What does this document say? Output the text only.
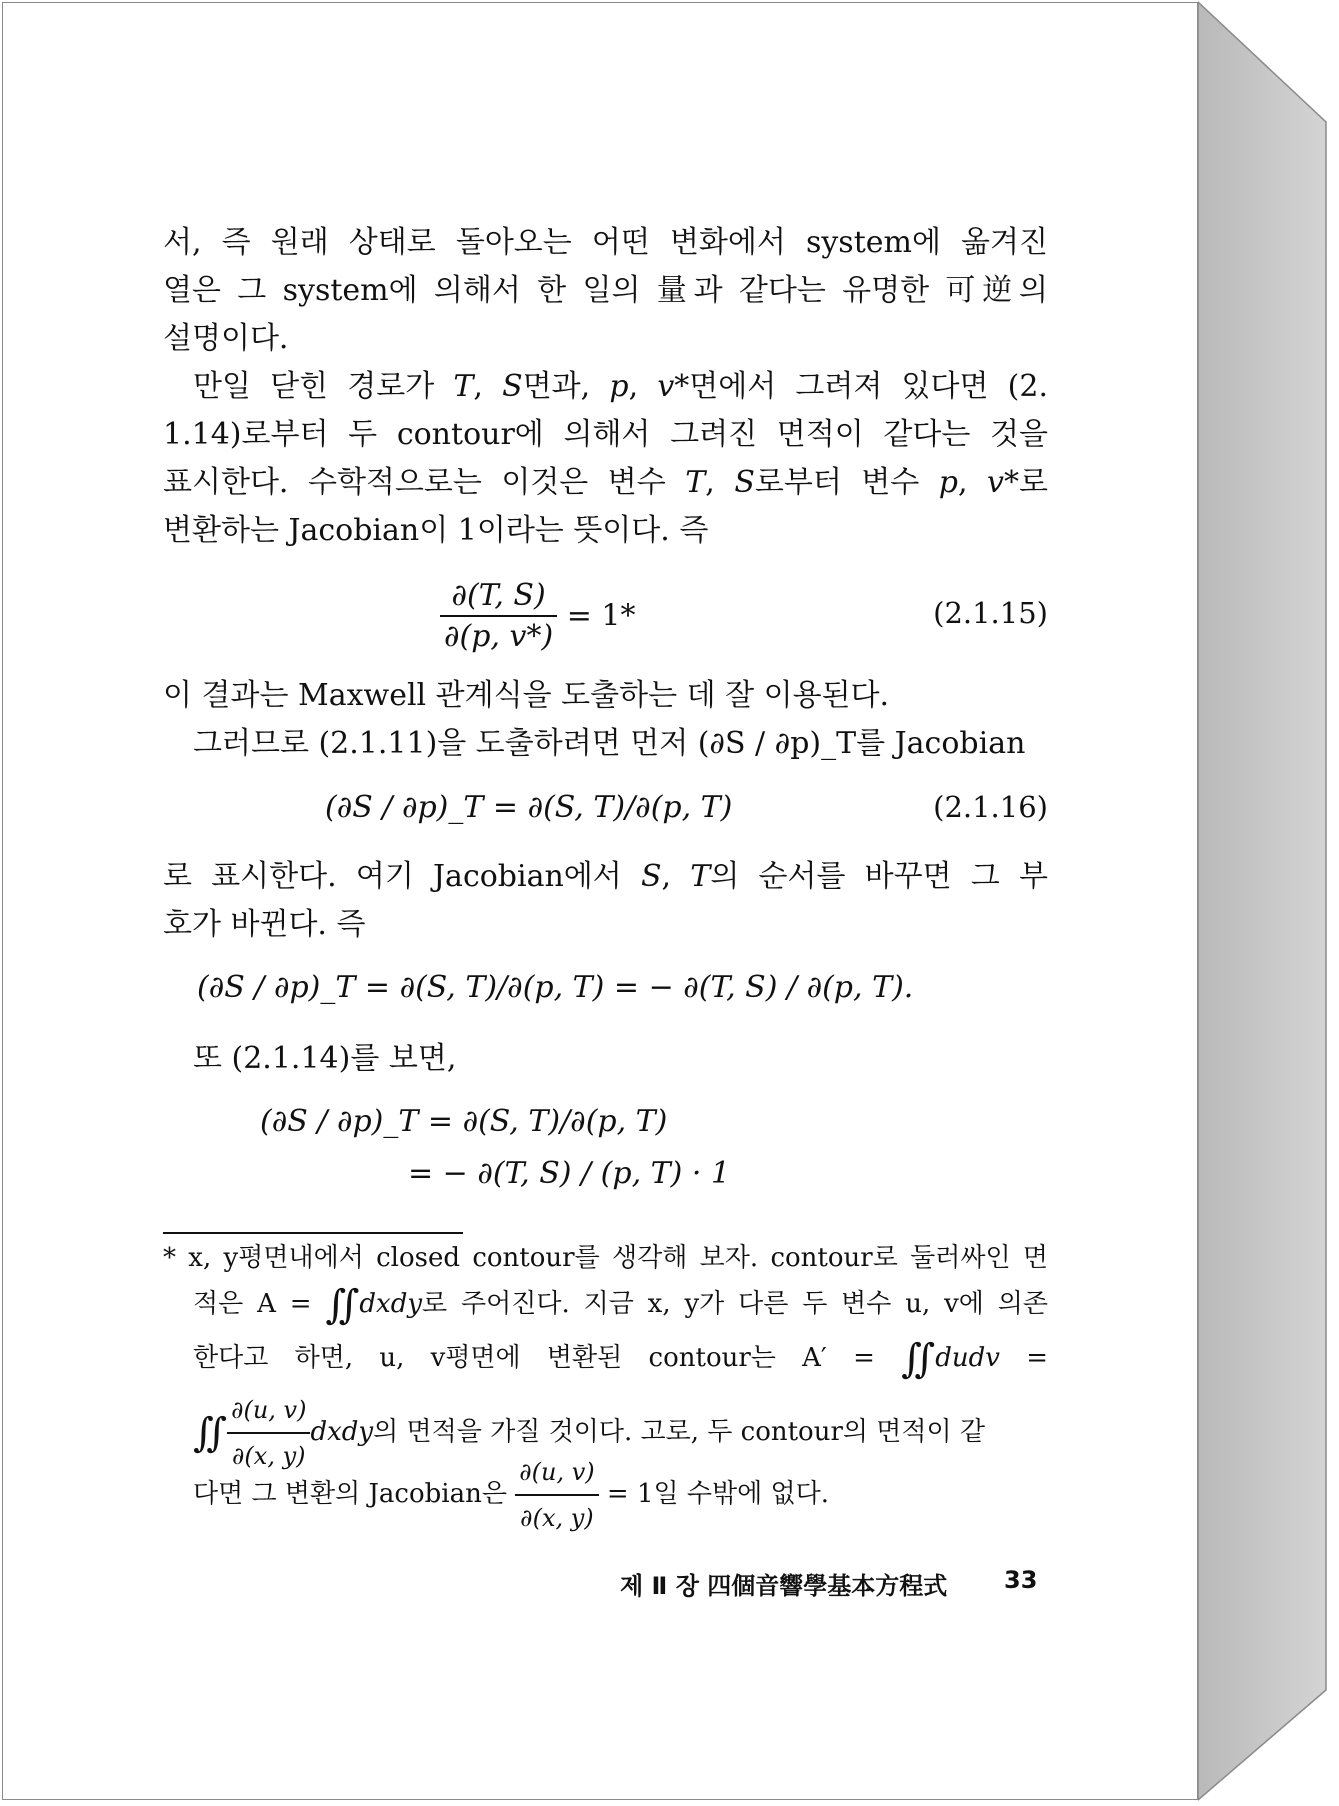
서, 즉 원래 상태로 돌아오는 어떤 변화에서 system에 옮겨진
열은 그 system에 의해서 한 일의 量과 같다는 유명한 可逆의
설명이다.
만일 닫힌 경로가 T, S면과, p, v*면에서 그려져 있다면 (2.
1.14)로부터 두 contour에 의해서 그려진 면적이 같다는 것을
표시한다. 수학적으로는 이것은 변수 T, S로부터 변수 p, v*로
변환하는 Jacobian이 1이라는 뜻이다. 즉
$\frac{\partial(T, S)}{\partial(p, v*)} = 1*$	(2.1.15)
이 결과는 Maxwell 관계식을 도출하는 데 잘 이용된다.
그러므로 (2.1.11)을 도출하려면 먼저 (∂S / ∂p)_T를 Jacobian
(∂S / ∂p)_T = ∂(S, T)/∂(p, T)	(2.1.16)
로 표시한다. 여기 Jacobian에서 S, T의 순서를 바꾸면 그 부
호가 바뀐다. 즉
(∂S / ∂p)_T = ∂(S, T)/∂(p, T) = − ∂(T, S) / ∂(p, T).
또 (2.1.14)를 보면,
(∂S / ∂p)_T = ∂(S, T)/∂(p, T)
= − ∂(T, S) / (p, T) · 1
* x, y평면내에서 closed contour를 생각해 보자. contour로 둘러싸인 면
적은 A = ∬dxdy로 주어진다. 지금 x, y가 다른 두 변수 u, v에 의존
한다고 하면, u, v평면에 변환된 contour는 A′ = ∬dudv =
∬ $\frac{\partial(u, v)}{\partial(x, y)}$ dxdy의 면적을 가질 것이다. 고로, 두 contour의 면적이 같
다면 그 변환의 Jacobian은 $\frac{\partial(u, v)}{\partial(x, y)} = 1$일 수밖에 없다.
제 Ⅱ 장 四個音響學基本方程式 33
